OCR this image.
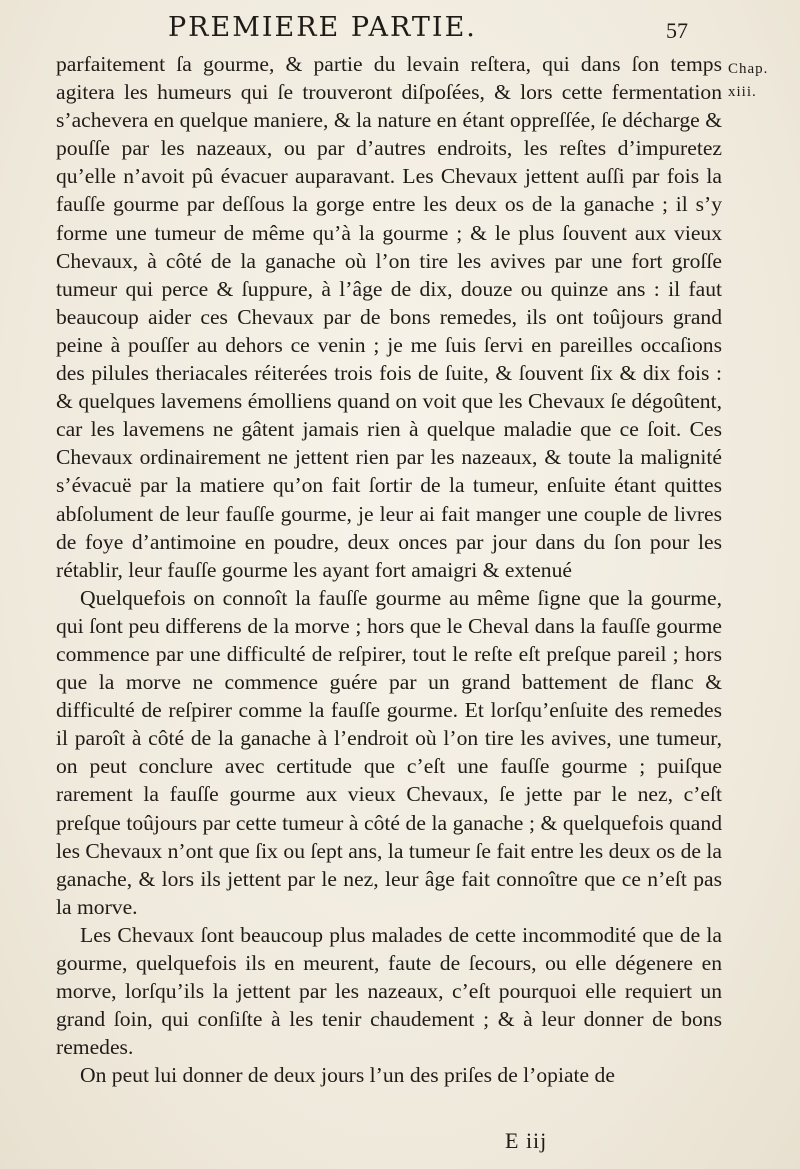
PREMIERE PARTIE.	57
Chap.
xiii.

parfaitement ſa gourme, & partie du levain reſtera, qui dans ſon temps agitera les humeurs qui ſe trouveront diſpoſées, & lors cette fermentation s’achevera en quelque maniere, & la nature en étant oppreſſée, ſe décharge & pouſſe par les nazeaux, ou par d’autres endroits, les reſtes d’impuretez qu’elle n’avoit pû évacuer auparavant. Les Chevaux jettent auſſi par fois la fauſſe gourme par deſſous la gorge entre les deux os de la ganache ; il s’y forme une tumeur de même qu’à la gourme ; & le plus ſouvent aux vieux Chevaux, à côté de la ganache où l’on tire les avives par une fort groſſe tumeur qui perce & ſuppure, à l’âge de dix, douze ou quinze ans : il faut beaucoup aider ces Chevaux par de bons remedes, ils ont toûjours grand peine à pouſſer au dehors ce venin ; je me ſuis ſervi en pareilles occaſions des pilules theriacales réiterées trois fois de ſuite, & ſouvent ſix & dix fois : & quelques lavemens émolliens quand on voit que les Chevaux ſe dégoûtent, car les lavemens ne gâtent jamais rien à quelque maladie que ce ſoit. Ces Chevaux ordinairement ne jettent rien par les nazeaux, & toute la malignité s’évacuë par la matiere qu’on fait ſortir de la tumeur, enſuite étant quittes abſolument de leur fauſſe gourme, je leur ai fait manger une couple de livres de foye d’antimoine en poudre, deux onces par jour dans du ſon pour les rétablir, leur fauſſe gourme les ayant fort amaigri & extenué

Quelquefois on connoît la fauſſe gourme au même ſigne que la gourme, qui ſont peu differens de la morve ; hors que le Cheval dans la fauſſe gourme commence par une difficulté de reſpirer, tout le reſte eſt preſque pareil ; hors que la morve ne commence guére par un grand battement de flanc & difficulté de reſpirer comme la fauſſe gourme. Et lorſqu’enſuite des remedes il paroît à côté de la ganache à l’endroit où l’on tire les avives, une tumeur, on peut conclure avec certitude que c’eſt une fauſſe gourme ; puiſque rarement la fauſſe gourme aux vieux Chevaux, ſe jette par le nez, c’eſt preſque toûjours par cette tumeur à côté de la ganache ; & quelquefois quand les Chevaux n’ont que ſix ou ſept ans, la tumeur ſe fait entre les deux os de la ganache, & lors ils jettent par le nez, leur âge fait connoître que ce n’eſt pas la morve.

Les Chevaux ſont beaucoup plus malades de cette incommodité que de la gourme, quelquefois ils en meurent, faute de ſecours, ou elle dégenere en morve, lorſqu’ils la jettent par les nazeaux, c’eſt pourquoi elle requiert un grand ſoin, qui conſiſte à les tenir chaudement ; & à leur donner de bons remedes.

On peut lui donner de deux jours l’un des priſes de l’opiate de

E iij
